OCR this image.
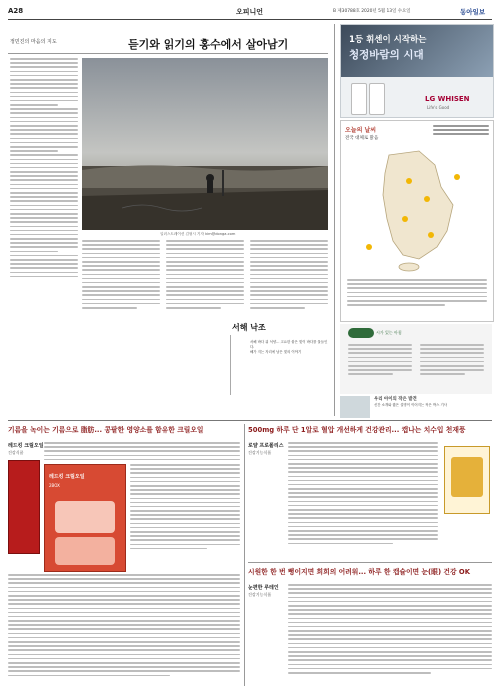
A28	오피니언	B 제30788호 2020년 5월 13일 수요일	동아일보
정민진의 마음의 지도	듣기와 읽기의 홍수에서 살아남기
일러스트레이션 김형시 기자 kim@donga.com
1등 휘센이 시작하는
청정바람의 시대
LG WHISEN
Life's Good
오늘의 날씨
전국 대체로 맑음
시가 있는 아침
서해 낙조
서해 바다 위 석양... 고요한 붉은 빛이 바다를 물들인다.
해가 지는 자리에 남은 빛의 이야기
우리 아이의 작은 발견
신간 소개와 짧은 설명이 이어지는 작은 박스 기사
기름을 녹이는 기름으로 脂肪... 콩팥한 영양소를 함유한 크릴오일
레드킹 크릴오일
건강식품
레드킹 크릴오일
2BOX
500mg 하루 단 1알로 혈압 개선하게 건강관리... 캡나는 치수입 천재풍
로얄 프로폴리스
건강기능식품
시원한 한 번 뻥이지면 희희의 어려워... 하루 한 캡슐이면 눈(眼) 건강 OK
눈편한 루테인
건강기능식품
